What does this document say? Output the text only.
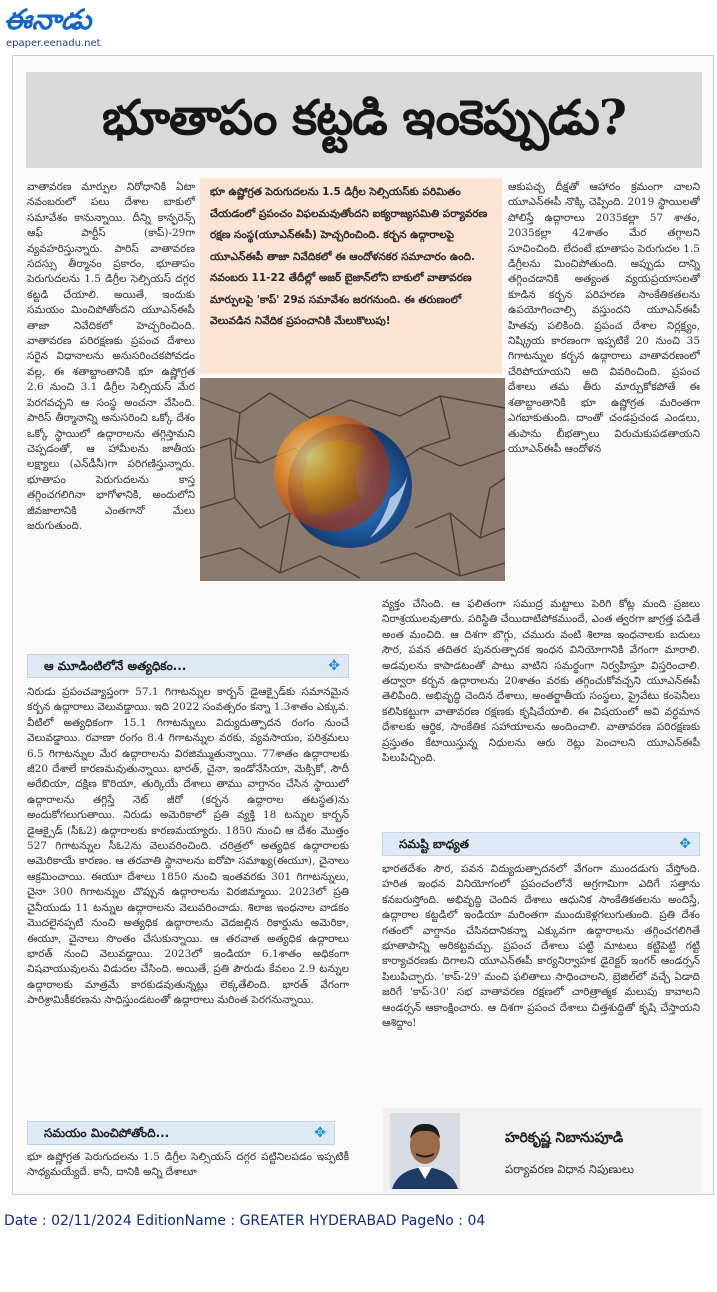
ఈనాడు
epaper.eenadu.net
భూతాపం కట్టడి ఇంకెప్పుడు?
వాతావరణ మార్పుల నిరోధానికి ఏటా నవంబరులో పలు దేశాల బాకులో సమావేశం కానున్నాయి. దీన్ని కాన్ఫరెన్స్‌ ఆఫ్‌ పార్టీస్‌ (కాప్‌)-29గా వ్యవహరిస్తున్నారు. పారిస్‌ వాతావరణ సదస్సు తీర్మానం ప్రకారం, భూతాపం పెరుగుదలను 1.5 డిగ్రీల సెల్సియస్‌ దగ్గర కట్టడి చేయాలి. అయితే, ఇందుకు సమయం మించిపోతోందని యూఎన్‌ఈపీ తాజా నివేదికలో హెచ్చరించింది. వాతావరణ పరిరక్షణకు ప్రపంచ దేశాలు సరైన విధానాలను అనుసరించకపోవడం వల్ల, ఈ శతాబ్దాంతానికి భూ ఉష్ణోగ్రత 2.6 నుంచి 3.1 డిగ్రీల సెల్సియస్‌ మేర పెరగవచ్చని ఆ సంస్థ అంచనా వేసింది. పారిస్‌ తీర్మానాన్ని అనుసరించి ఒక్కో దేశం ఒక్కో స్థాయిలో ఉద్గారాలను తగ్గిస్తామని చెప్పడంతో, ఆ హామీలను జాతీయ లక్ష్యాలు (ఎన్‌డీసీ)గా పరిగణిస్తున్నారు. భూతాపం పెరుగుదలను కాస్త తగ్గించగలిగినా భాగోళానికి, అందులోని జీవజాలానికి ఎంతగానో మేలు జరుగుతుంది.
భూ ఉష్ణోగ్రత పెరుగుదలను 1.5 డిగ్రీల సెల్సియస్‌కు పరిమితం చేయడంలో ప్రపంచం విఫలమవుతోందని ఐక్యరాజ్యసమితి పర్యావరణ రక్షణ సంస్థ(యూఎన్‌ఈపీ) హెచ్చరించింది. కర్బన ఉద్గారాలపై యూఎన్‌ఈపీ తాజా నివేదికలో ఈ ఆందోళనకర సమాచారం ఉంది. నవంబరు 11-22 తేదీల్లో అజర్‌ బైజాన్‌లోని బాకులో వాతావరణ మార్పులపై 'కాప్‌' 29వ సమావేశం జరగనుంది. ఈ తరుణంలో వెలువడిన నివేదిక ప్రపంచానికి మేలుకొలుపు!
ఆకుపచ్చ దీక్షతో ఆహారం క్రమంగా చాలని యూఎన్‌ఈపీ నొక్కి చెప్పింది. 2019 స్థాయిలతో పోలిస్తే ఉద్గారాలు 2035కల్లా 57 శాతం, 2035కల్లా 42శాతం మేర తగ్గాలని సూచించింది. లేదంటే భూతాపం పెరుగుదల 1.5 డిగ్రీలను మించిపోతుంది. అప్పుడు దాన్ని తగ్గించడానికి అత్యంత వ్యయప్రయాసలతో కూడిన కర్బన పరిహరణ సాంకేతికతలను ఉపయోగించాల్సి వస్తుందని యూఎన్‌ఈపీ హితవు పలికింది. ప్రపంచ దేశాల నిర్లక్ష్యం, నిష్క్రియ కారణంగా ఇప్పటికే 20 నుంచి 35 గిగాటన్నుల కర్బన ఉద్గారాలు వాతావరణంలో చేరిపోయాయని అది వివరించింది. ప్రపంచ దేశాలు తమ తీరు మార్చుకోకపోతే ఈ శతాబ్దాంతానికి భూ ఉష్ణోగ్రత మరింతగా ఎగబాకుతుంది. దాంతో చండప్రచండ ఎండలు, తుపాను బీభత్సాలు విరుచుకుపడతాయని యూఎన్‌ఈపీ ఆందోళన
వ్యక్తం చేసింది. ఆ ఫలితంగా సముద్ర మట్టాలు పెరిగి కోట్ల మంది ప్రజలు నిరాశ్రయులవుతారు. పరిస్థితి చేయిదాటిపోకముందే, ఎంత త్వరగా జాగ్రత్త పడితే అంత మంచిది. ఆ దిశగా బొగ్గు, చమురు వంటి శిలాజ ఇంధనాలకు బదులు సౌర, పవన తదితర పునరుత్పాదక ఇంధన వినియోగానికి వేగంగా మారాలి. అడవులను కాపాడటంతో పాటు వాటిని సమర్థంగా నిర్వహిస్తూ విస్తరించాలి. తద్వారా కర్బన ఉద్గారాలను 20శాతం వరకు తగ్గించుకోవచ్చని యూఎన్‌ఈపీ తెలిపింది. అభివృద్ధి చెందిన దేశాలు, అంతర్జాతీయ సంస్థలు, ప్రైవేటు కంపెనీలు కలిసికట్టుగా వాతావరణ రక్షణకు కృషిచేయాలి. ఈ విషయంలో అవి వర్ధమాన దేశాలకు ఆర్థిక, సాంకేతిక సహాయాలను అందించాలి. వాతావరణ పరిరక్షణకు ప్రస్తుతం కేటాయిస్తున్న నిధులను ఆరు రెట్లు పెంచాలని యూఎన్‌ఈపీ పిలుపిచ్చింది.
ఆ మూడింటిలోనే అత్యధికం...	✥
నిరుడు ప్రపంచవ్యాప్తంగా 57.1 గిగాటన్నుల కార్బన్‌ డైఆక్సైడ్‌కు సమానమైన కర్బన ఉద్గారాలు వెలువడ్డాయి. ఇది 2022 సంవత్సరం కన్నా 1.3శాతం ఎక్కువ. వీటిలో అత్యధికంగా 15.1 గిగాటన్నులు విద్యుదుత్పాదన రంగం నుంచే వెలువడ్డాయి. రవాణా రంగం 8.4 గిగాటన్నుల వరకు, వ్యవసాయం, పరిశ్రమలు 6.5 గిగాటన్నుల మేర ఉద్గారాలను విరజిమ్ముతున్నాయి. 77శాతం ఉద్గారాలకు జీ20 దేశాలే కారణమవుతున్నాయి. భారత్‌, చైనా, ఇండోనేసియా, మెక్సికో, సౌదీ అరేబియా, దక్షిణ కొరియా, తుర్కియే దేశాలు తాము వాగ్దానం చేసిన స్థాయిలో ఉద్గారాలను తగ్గిస్తే నెట్‌ జీరో (కర్బన ఉద్గారాల తటస్థత)ను అందుకోగలుగుతాయి. నిరుడు అమెరికాలో ప్రతి వ్యక్తి 18 టన్నుల కార్బన్‌ డైఆక్సైడ్‌ (సీఓ2) ఉద్గారాలకు కారణమయ్యారు. 1850 నుంచి ఆ దేశం మొత్తం 527 గిగాటన్నుల సీఓ2ను వెలువరించింది. చరిత్రలో అత్యధిక ఉద్గారాలకు అమెరికాయే కారణం. ఆ తరవాతి స్థానాలను ఐరోపా సమాఖ్య(ఈయూ), చైనాలు ఆక్రమించాయి. ఈయూ దేశాలు 1850 నుంచి ఇంతవరకు 301 గిగాటన్నులు, చైనా 300 గిగాటన్నుల చొప్పున ఉద్గారాలను విరజిమ్మాయి. 2023లో ప్రతి చైనీయుడు 11 టన్నుల ఉద్గారాలను వెలువరించాడు. శిలాజ ఇంధనాల వాడకం మొదలైనప్పటి నుంచి అత్యధిక ఉద్గారాలను వెదజల్లిన రికార్డును అమెరికా, ఈయూ, చైనాలు సొంతం చేసుకున్నాయి. ఆ తరవాత అత్యధిక ఉద్గారాలు భారత్‌ నుంచి వెలువడ్డాయి. 2023లో ఇండియా 6.1శాతం అధికంగా విషవాయువులను విడుదల చేసింది. అయితే, ప్రతి పౌరుడు కేవలం 2.9 టన్నుల ఉద్గారాలకు మాత్రమే కారకుడవుతున్నట్లు లెక్కతేలింది. భారత్‌ వేగంగా పారిశ్రామికీకరణను సాధిస్తుండటంతో ఉద్గారాలు మరింత పెరగనున్నాయి.
సమయం మించిపోతోంది...	✥
భూ ఉష్ణోగ్రత పెరుగుదలను 1.5 డిగ్రీల సెల్సియస్‌ దగ్గర పట్టినిలపడం ఇప్పటికీ సాధ్యమయ్యేదే. కానీ, దానికి అన్ని దేశాలూ
సమష్టి బాధ్యత	✥
భారతదేశం సౌర, పవన విద్యుదుత్పాదనలో వేగంగా ముందడుగు వేస్తోంది. హరిత ఇంధన వినియోగంలో ప్రపంచంలోనే అగ్రగామిగా ఎదిగే సత్తాను కనబరుస్తోంది. అభివృద్ధి చెందిన దేశాలు ఆధునిక సాంకేతికతలను అందిస్తే, ఉద్గారాల కట్టడిలో ఇండియా మరింతగా ముందుకెళ్లగలుగుతుంది. ప్రతి దేశం గతంలో వాగ్దానం చేసినదానికన్నా ఎక్కువగా ఉద్గారాలను తగ్గించగలిగితే భూతాపాన్ని అరికట్టవచ్చు. ప్రపంచ దేశాలు పట్టి మాటలు కట్టిపెట్టి గట్టి కార్యాచరణకు దిగాలని యూఎన్‌ఈపీ కార్యనిర్వాహక డైరెక్టర్‌ ఇంగర్‌ ఆండర్సన్‌ పిలుపిచ్చారు. 'కాప్‌-29' మంచి ఫలితాలు సాధించాలని, బ్రెజిల్‌లో వచ్చే ఏడాది జరిగే 'కాప్‌-30' సభ వాతావరణ రక్షణలో చారిత్రాత్మక మలుపు కావాలని ఆండర్సన్‌ ఆకాంక్షించారు. ఆ దిశగా ప్రపంచ దేశాలు చిత్తశుద్ధితో కృషి చేస్తాయని ఆశిద్దాం!
హరికృష్ణ నిబానుపూడి
పర్యావరణ విధాన నిపుణులు
Date : 02/11/2024 EditionName : GREATER HYDERABAD PageNo : 04
